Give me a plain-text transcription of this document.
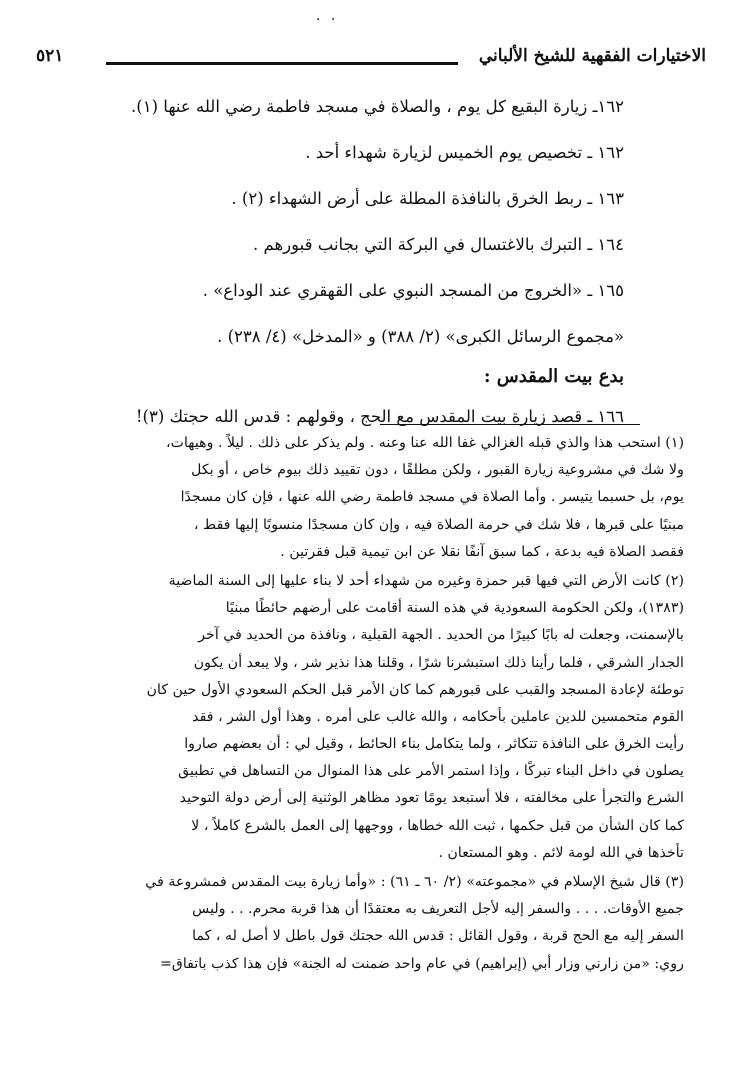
· ·
الاختيارات الفقهية للشيخ الألباني
٥٢١
١٦٢ـ زيارة البقيع كل يوم ، والصلاة في مسجد فاطمة رضي الله عنها (١).
١٦٢ ـ تخصيص يوم الخميس لزيارة شهداء أحد .
١٦٣ ـ ربط الخرق بالنافذة المطلة على أرض الشهداء (٢) .
١٦٤ ـ التبرك بالاغتسال في البركة التي بجانب قبورهم .
١٦٥ ـ «الخروج من المسجد النبوي على القهقري عند الوداع» .
«مجموع الرسائل الكبرى» (٢/ ٣٨٨) و «المدخل» (٤/ ٢٣٨) .
بدع بيت المقدس :
١٦٦ ـ قصد زيارة بيت المقدس مع الحج ، وقولهم : قدس الله حجتك (٣)!
(١) استحب هذا والذي قبله الغزالي غفا الله عنا وعنه . ولم يذكر على ذلك . ليلاً . وهيهات،
ولا شك في مشروعية زيارة القبور ، ولكن مطلقًا ، دون تقييد ذلك بيوم خاص ، أو بكل
يوم، بل حسبما يتيسر . وأما الصلاة في مسجد فاطمة رضي الله عنها ، فإن كان مسجدًا
مبنيًا على قبرها ، فلا شك في حرمة الصلاة فيه ، وإن كان مسجدًا منسوبًا إليها فقط ،
فقصد الصلاة فيه بدعة ، كما سبق آنفًا نقلا عن ابن تيمية قبل فقرتين .
(٢) كانت الأرض التي فيها قبر حمزة وغيره من شهداء أحد لا بناء عليها إلى السنة الماضية
(١٣٨٣)، ولكن الحكومة السعودية في هذه السنة أقامت على أرضهم حائطًا مبنيًا
بالإسمنت، وجعلت له بابًا كبيرًا من الحديد . الجهة القبلية ، ونافذة من الحديد في آخر
الجدار الشرقي ، فلما رأينا ذلك استبشرنا شرًا ، وقلنا هذا نذير شر ، ولا يبعد أن يكون
توطئة لإعادة المسجد والقبب على قبورهم كما كان الأمر قبل الحكم السعودي الأول حين كان
القوم متحمسين للدين عاملين بأحكامه ، والله غالب على أمره . وهذا أول الشر ، فقد
رأيت الخرق على النافذة تتكاثر ، ولما يتكامل بناء الحائط ، وقيل لي : أن بعضهم صاروا
يصلون في داخل البناء تبركًا ، وإذا استمر الأمر على هذا المنوال من التساهل في تطبيق
الشرع والتجرأ على مخالفته ، فلا أستبعد يومًا تعود مظاهر الوثنية إلى أرض دولة التوحيد
كما كان الشأن من قبل حكمها ، ثبت الله خطاها ، ووجهها إلى العمل بالشرع كاملاً ، لا
تأخذها في الله لومة لائم . وهو المستعان .
(٣) قال شيخ الإسلام في «مجموعته» (٢/ ٦٠ ـ ٦١) : «وأما زيارة بيت المقدس فمشروعة في
جميع الأوقات. . . . والسفر إليه لأجل التعريف به معتقدًا أن هذا قربة محرم. . . وليس
السفر إليه مع الحج قربة ، وقول القائل : قدس الله حجتك قول باطل لا أصل له ، كما
روي: «من زارني وزار أبي (إبراهيم) في عام واحد ضمنت له الجنة» فإن هذا كذب باتفاق=
